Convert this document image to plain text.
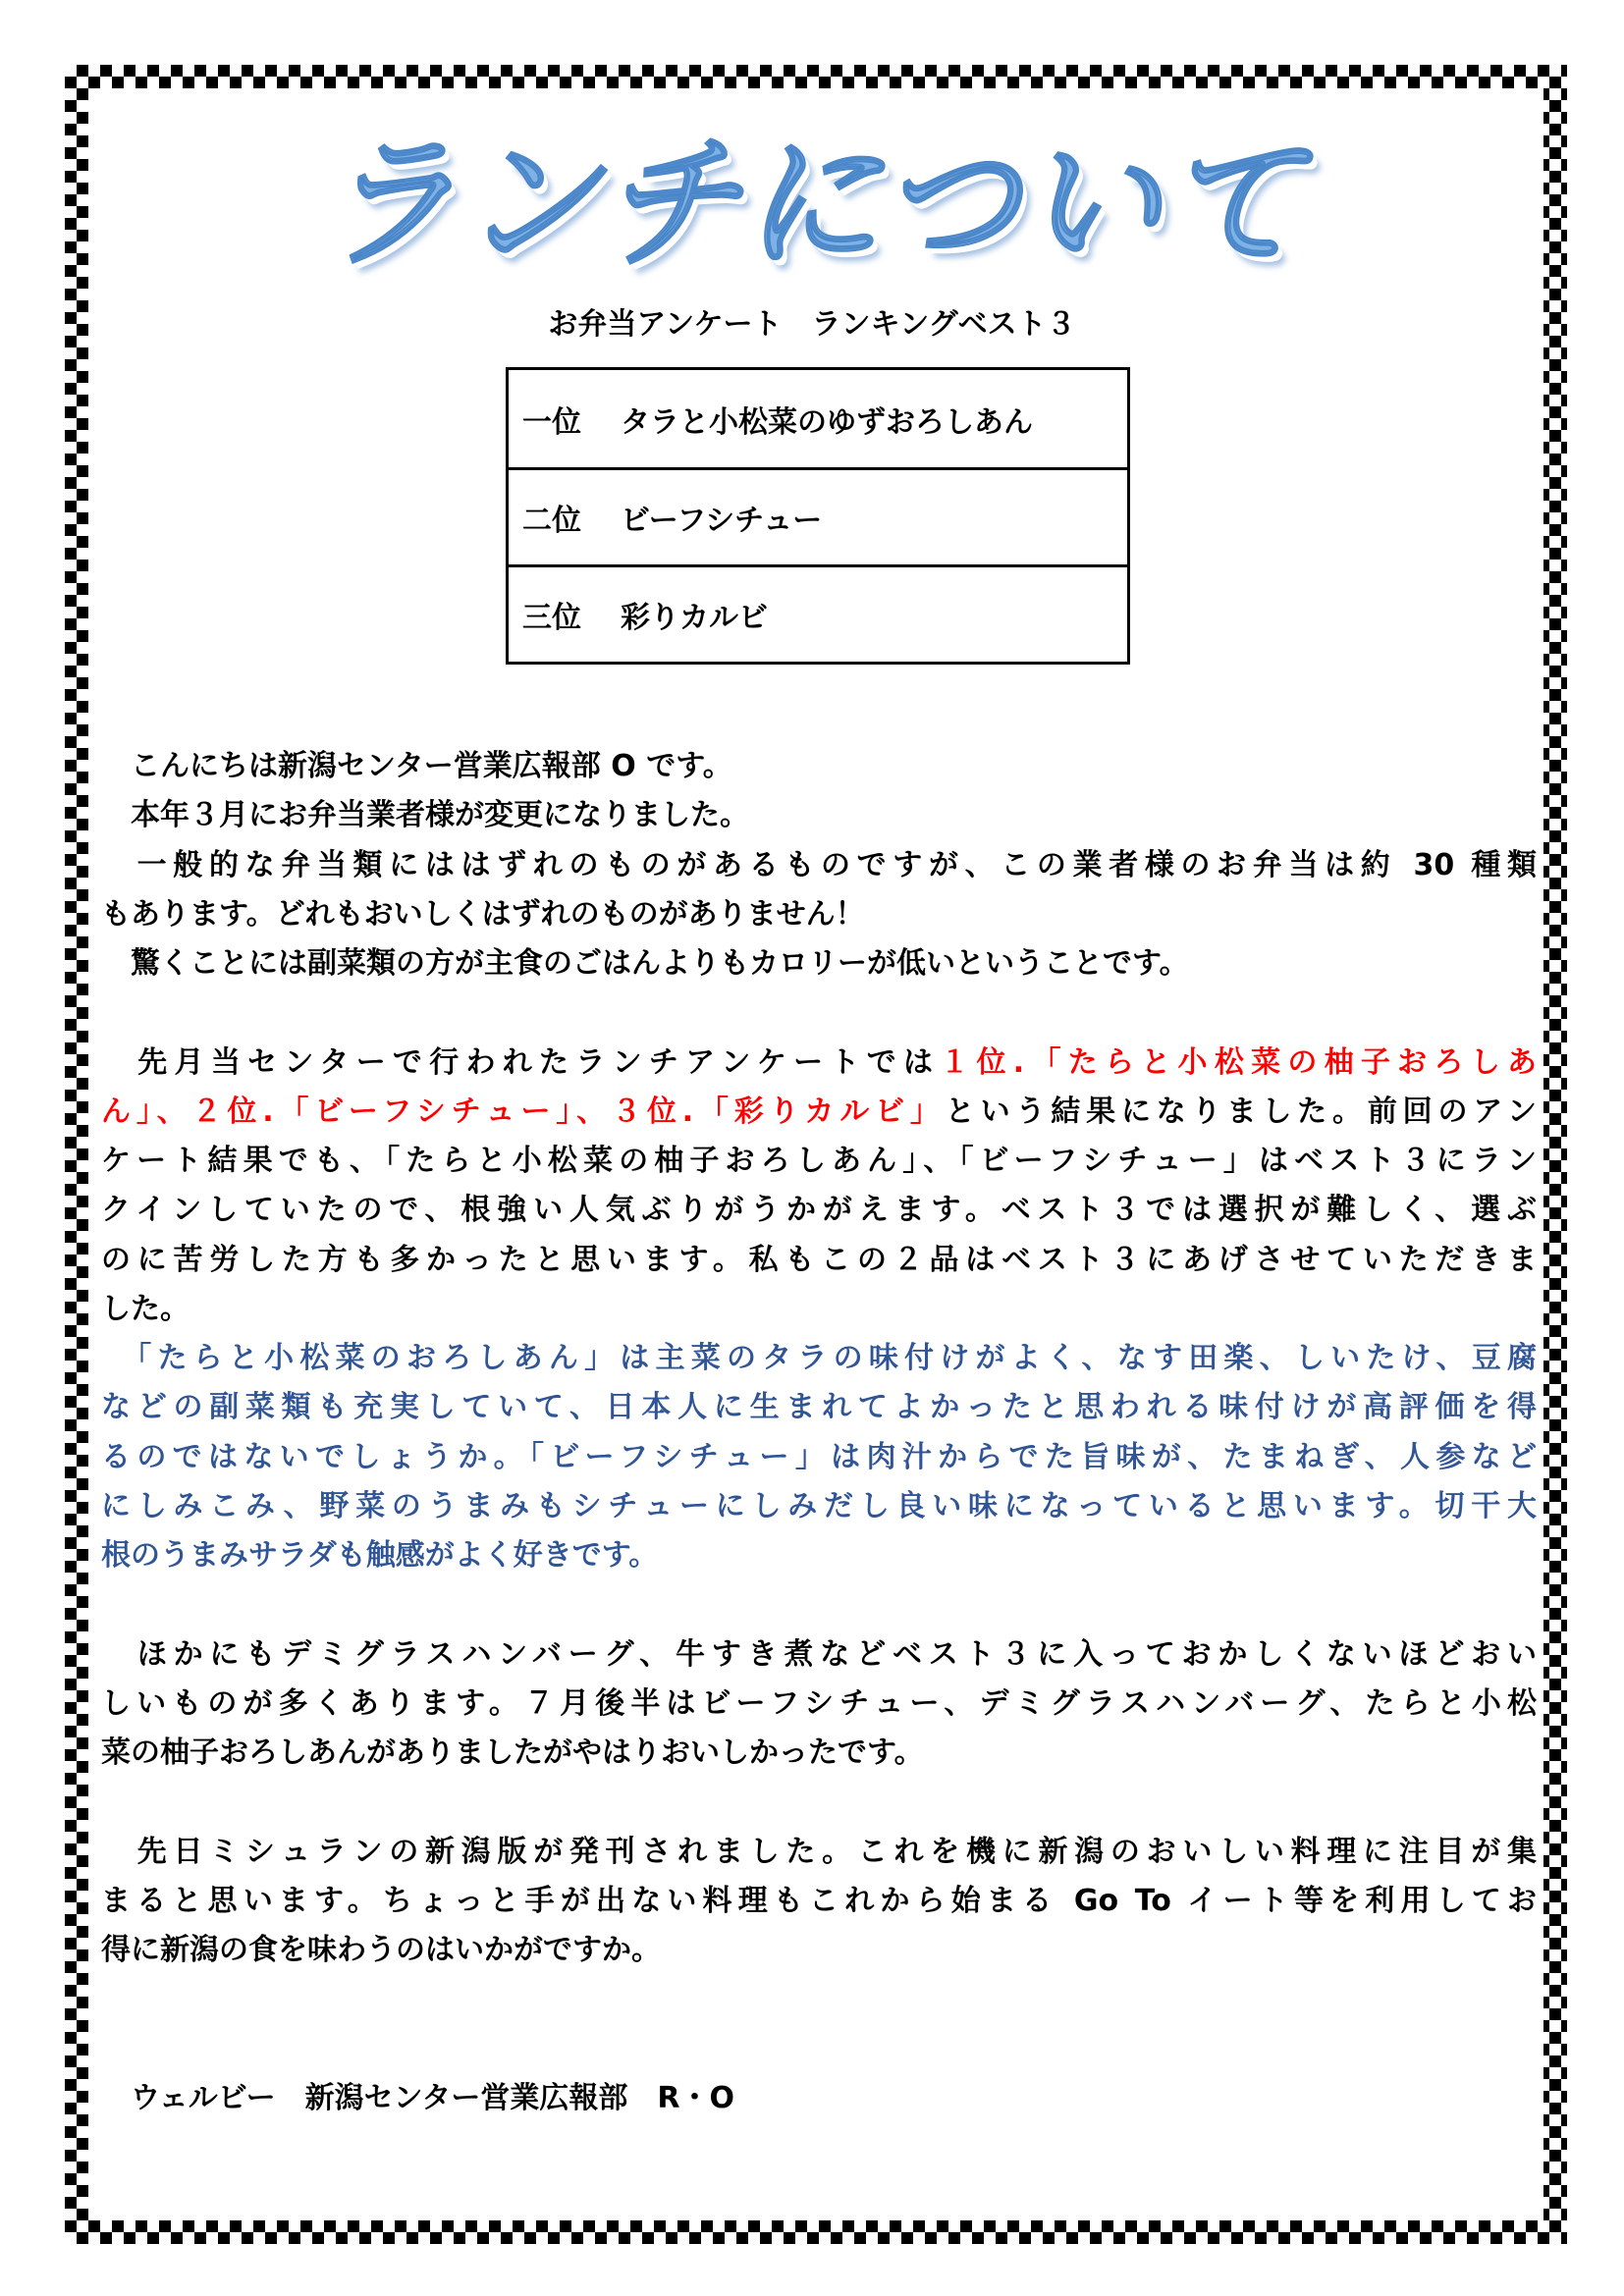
ランチについて
お弁当アンケート　ランキングベスト３
一位	タラと小松菜のゆずおろしあん
二位	ビーフシチュー
三位	彩りカルビ
　こんにちは新潟センター営業広報部 O です。
　本年３月にお弁当業者様が変更になりました。
　一般的な弁当類にははずれのものがあるものですが、この業者様のお弁当は約 30 種類
もあります。どれもおいしくはずれのものがありません！
　驚くことには副菜類の方が主食のごはんよりもカロリーが低いということです。
　先月当センターで行われたランチアンケートでは１位.「たらと小松菜の柚子おろしあ
ん」、２位.「ビーフシチュー」、３位.「彩りカルビ」という結果になりました。前回のアン
ケート結果でも、「たらと小松菜の柚子おろしあん」、「ビーフシチュー」はベスト３にラン
クインしていたので、根強い人気ぶりがうかがえます。ベスト３では選択が難しく、選ぶ
のに苦労した方も多かったと思います。私もこの２品はベスト３にあげさせていただきま
した。
　「たらと小松菜のおろしあん」は主菜のタラの味付けがよく、なす田楽、しいたけ、豆腐
などの副菜類も充実していて、日本人に生まれてよかったと思われる味付けが高評価を得
るのではないでしょうか。「ビーフシチュー」は肉汁からでた旨味が、たまねぎ、人参など
にしみこみ、野菜のうまみもシチューにしみだし良い味になっていると思います。切干大
根のうまみサラダも触感がよく好きです。
　ほかにもデミグラスハンバーグ、牛すき煮などベスト３に入っておかしくないほどおい
しいものが多くあります。７月後半はビーフシチュー、デミグラスハンバーグ、たらと小松
菜の柚子おろしあんがありましたがやはりおいしかったです。
　先日ミシュランの新潟版が発刊されました。これを機に新潟のおいしい料理に注目が集
まると思います。ちょっと手が出ない料理もこれから始まる Go To イート等を利用してお
得に新潟の食を味わうのはいかがですか。
　ウェルビー　新潟センター営業広報部　R・O
